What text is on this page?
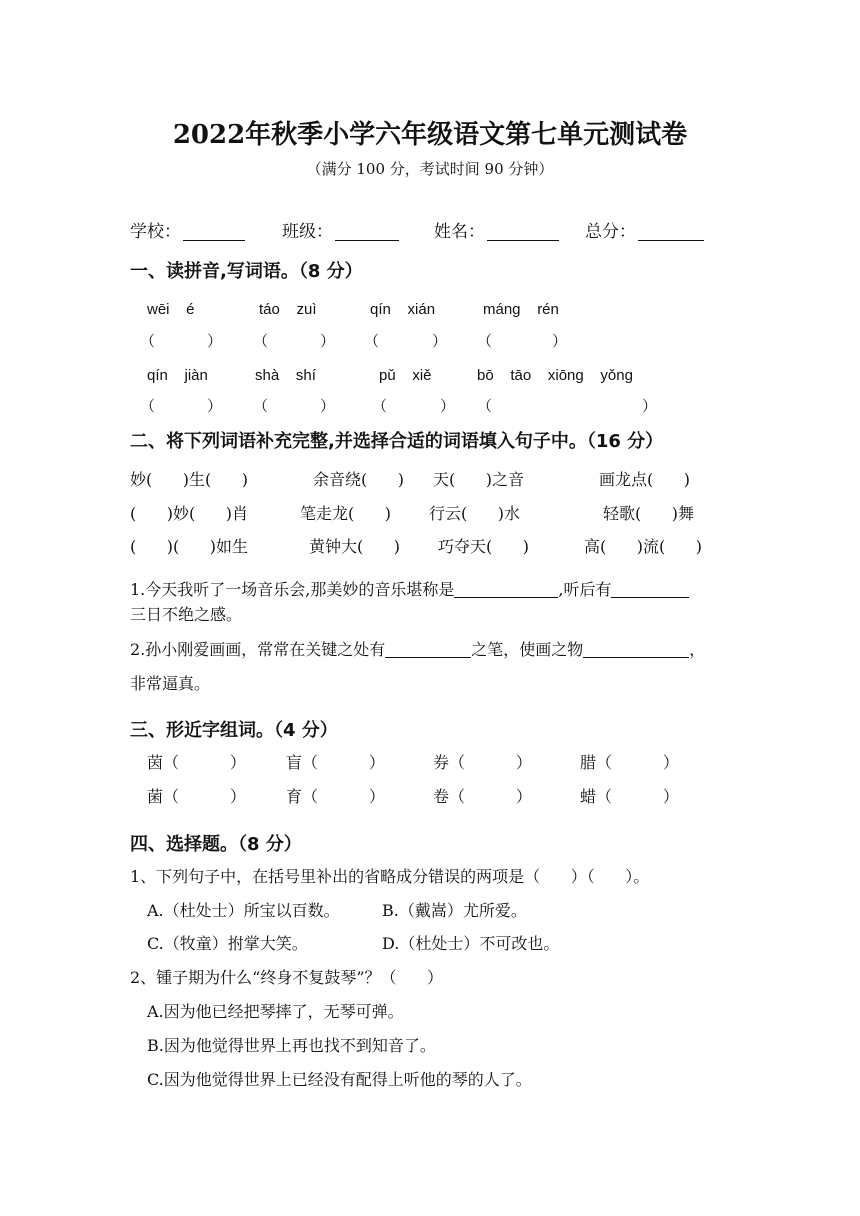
2022年秋季小学六年级语文第七单元测试卷
（满分 100 分，考试时间 90 分钟）
学校：	班级：	姓名：	总分：
一、读拼音,写词语。（8 分）
wēi    é	táo    zuì	qín    xián	máng    rén
（	） （	） （	） （	）
qín    jiàn	shà    shí	pǔ    xiě	bō    tāo    xiōng    yǒng
（	） （	） （	） （	）
二、将下列词语补充完整,并选择合适的词语填入句子中。（16 分）
妙(      )生(      )	余音绕(      ) 天(      )之音	画龙点(      )
(      )妙(      )肖	笔走龙(      ) 行云(      )水	轻歌(      )舞
(      )(      )如生	黄钟大(      ) 巧夺天(      )	高(      )流(      )
1.今天我听了一场音乐会,那美妙的音乐堪称是	,听后有
三日不绝之感。
2.孙小刚爱画画，常常在关键之处有	之笔，使画之物	，
非常逼真。
三、形近字组词。（4 分）
茵（          ）	盲（          ）	券（          ）	腊（          ）
菌（          ）	育（          ）	卷（          ）	蜡（          ）
四、选择题。（8 分）
1、下列句子中，在括号里补出的省略成分错误的两项是（      ）（      ）。
A.（杜处士）所宝以百数。	B.（戴嵩）尤所爱。
C.（牧童）拊掌大笑。	D.（杜处士）不可改也。
2、锺子期为什么“终身不复鼓琴”？（      ）
A.因为他已经把琴摔了，无琴可弹。
B.因为他觉得世界上再也找不到知音了。
C.因为他觉得世界上已经没有配得上听他的琴的人了。
